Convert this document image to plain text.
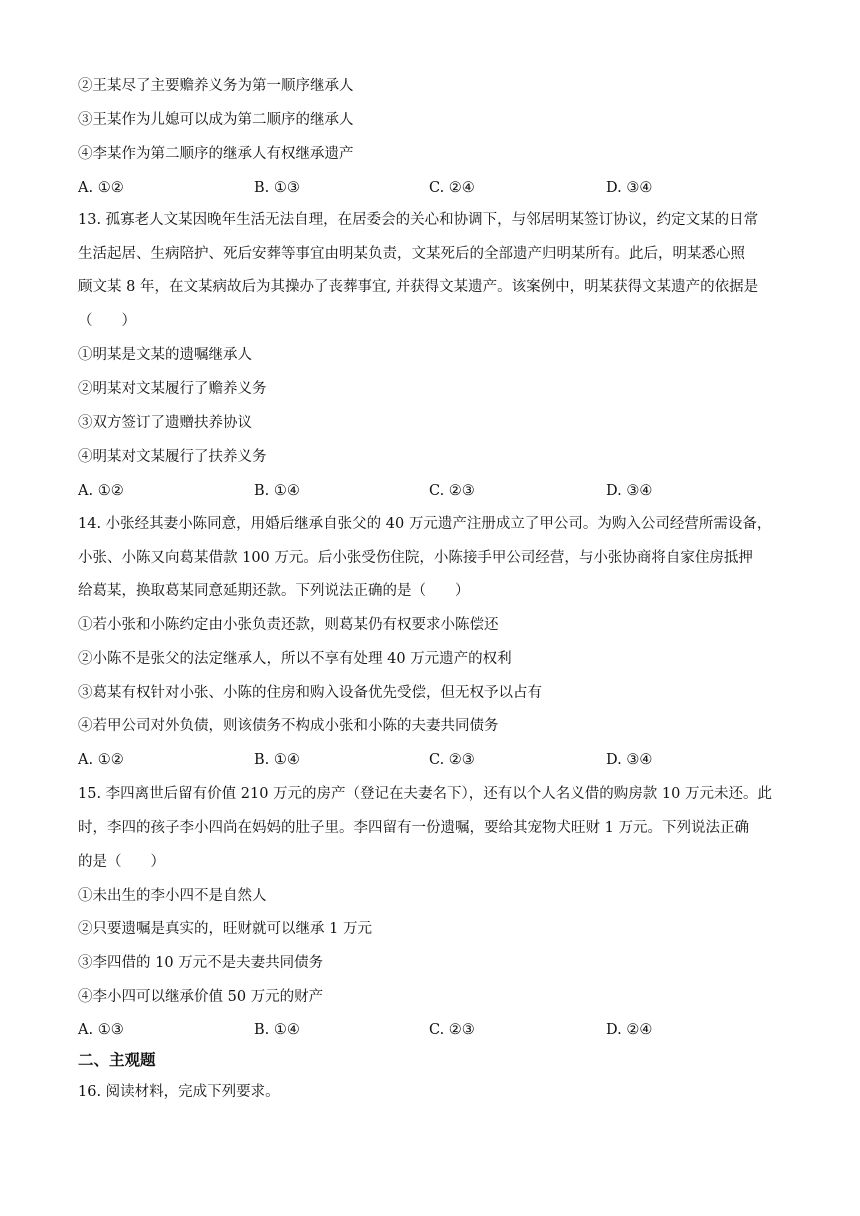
②王某尽了主要赡养义务为第一顺序继承人
③王某作为儿媳可以成为第二顺序的继承人
④李某作为第二顺序的继承人有权继承遗产
A. ①②	B. ①③	C. ②④	D. ③④
13. 孤寡老人文某因晚年生活无法自理，在居委会的关心和协调下，与邻居明某签订协议，约定文某的日常
生活起居、生病陪护、死后安葬等事宜由明某负责，文某死后的全部遗产归明某所有。此后，明某悉心照
顾文某 8 年，在文某病故后为其操办了丧葬事宜, 并获得文某遗产。该案例中，明某获得文某遗产的依据是
（　　）
①明某是文某的遗嘱继承人
②明某对文某履行了赡养义务
③双方签订了遗赠扶养协议
④明某对文某履行了扶养义务
A. ①②	B. ①④	C. ②③	D. ③④
14. 小张经其妻小陈同意，用婚后继承自张父的 40 万元遗产注册成立了甲公司。为购入公司经营所需设备，
小张、小陈又向葛某借款 100 万元。后小张受伤住院，小陈接手甲公司经营，与小张协商将自家住房抵押
给葛某，换取葛某同意延期还款。下列说法正确的是（　　）
①若小张和小陈约定由小张负责还款，则葛某仍有权要求小陈偿还
②小陈不是张父的法定继承人，所以不享有处理 40 万元遗产的权利
③葛某有权针对小张、小陈的住房和购入设备优先受偿，但无权予以占有
④若甲公司对外负债，则该债务不构成小张和小陈的夫妻共同债务
A. ①②	B. ①④	C. ②③	D. ③④
15. 李四离世后留有价值 210 万元的房产（登记在夫妻名下），还有以个人名义借的购房款 10 万元未还。此
时，李四的孩子李小四尚在妈妈的肚子里。李四留有一份遗嘱，要给其宠物犬旺财 1 万元。下列说法正确
的是（　　）
①未出生的李小四不是自然人
②只要遗嘱是真实的，旺财就可以继承 1 万元
③李四借的 10 万元不是夫妻共同债务
④李小四可以继承价值 50 万元的财产
A. ①③	B. ①④	C. ②③	D. ②④
二、主观题
16. 阅读材料，完成下列要求。
